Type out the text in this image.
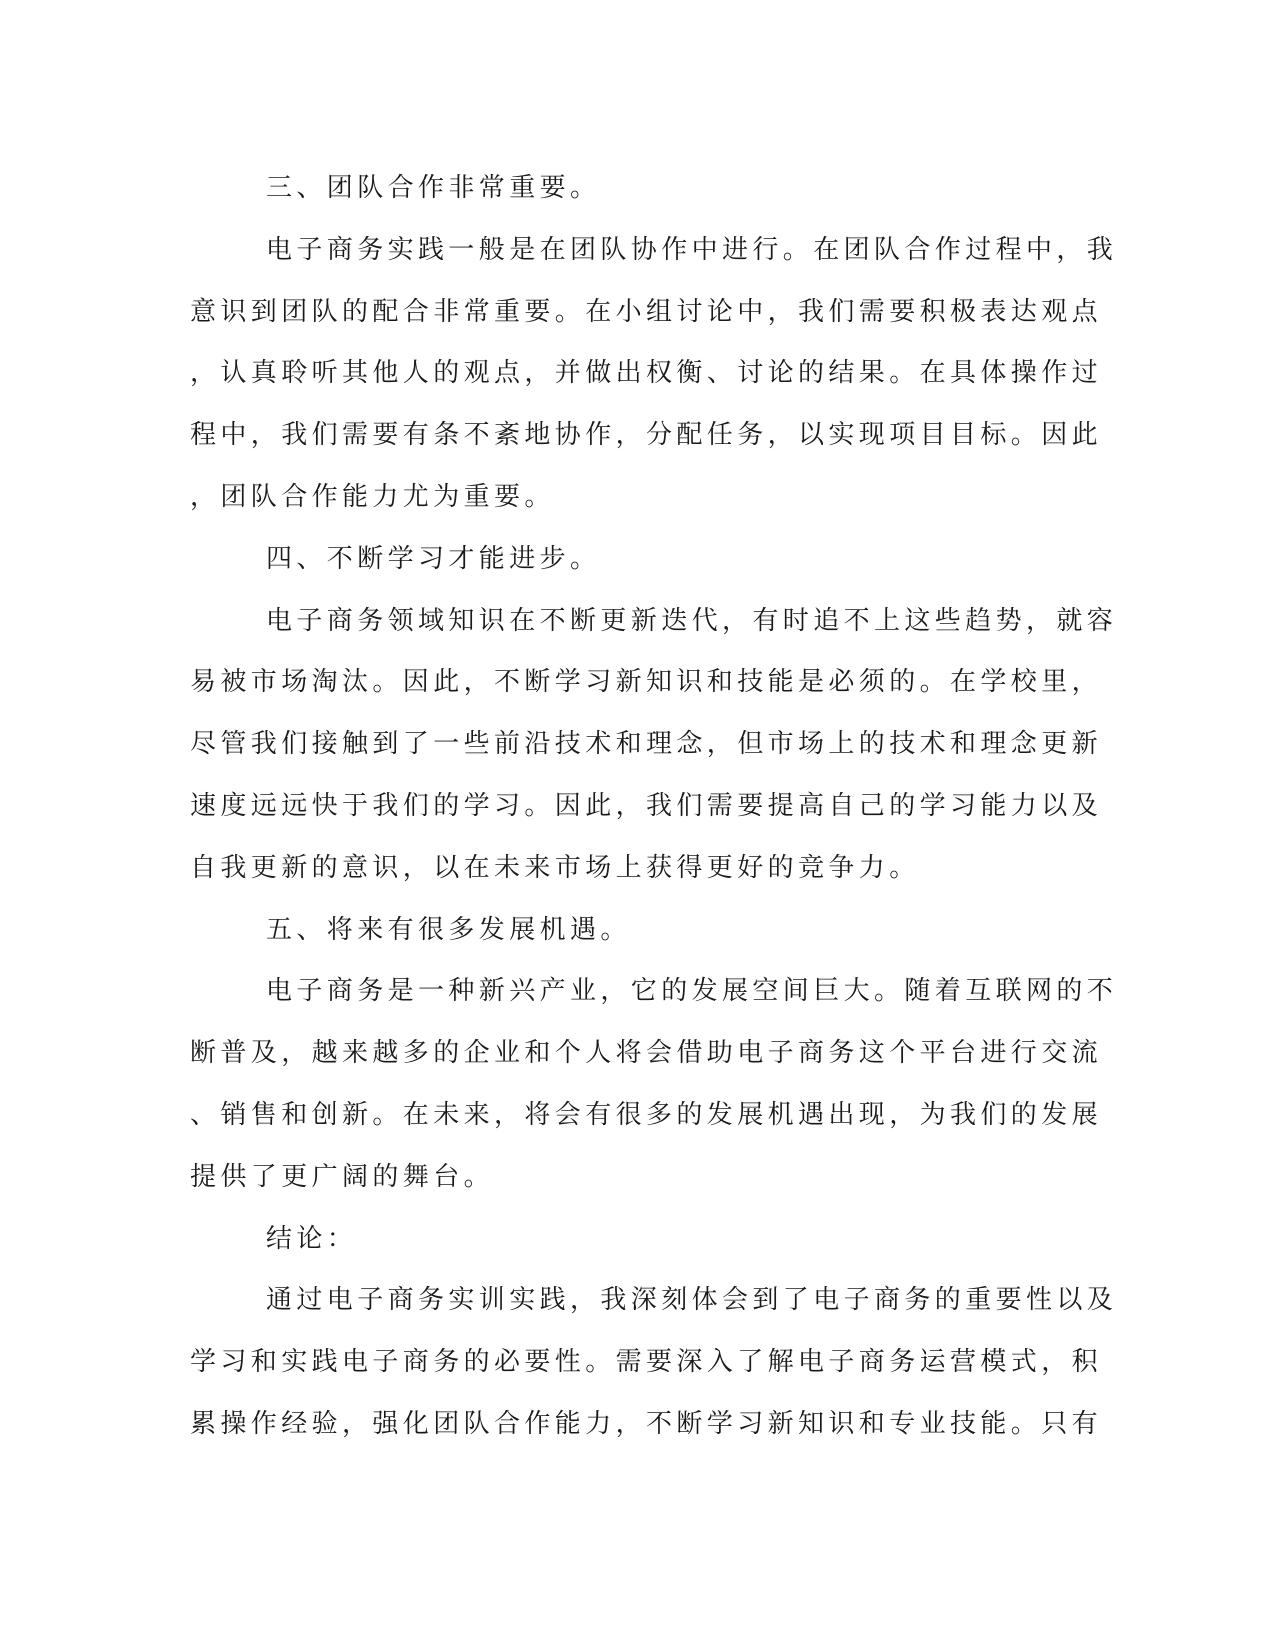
三、团队合作非常重要。
电子商务实践一般是在团队协作中进行。在团队合作过程中，我
意识到团队的配合非常重要。在小组讨论中，我们需要积极表达观点
，认真聆听其他人的观点，并做出权衡、讨论的结果。在具体操作过
程中，我们需要有条不紊地协作，分配任务，以实现项目目标。因此
，团队合作能力尤为重要。
四、不断学习才能进步。
电子商务领域知识在不断更新迭代，有时追不上这些趋势，就容
易被市场淘汰。因此，不断学习新知识和技能是必须的。在学校里，
尽管我们接触到了一些前沿技术和理念，但市场上的技术和理念更新
速度远远快于我们的学习。因此，我们需要提高自己的学习能力以及
自我更新的意识，以在未来市场上获得更好的竞争力。
五、将来有很多发展机遇。
电子商务是一种新兴产业，它的发展空间巨大。随着互联网的不
断普及，越来越多的企业和个人将会借助电子商务这个平台进行交流
、销售和创新。在未来，将会有很多的发展机遇出现，为我们的发展
提供了更广阔的舞台。
结论：
通过电子商务实训实践，我深刻体会到了电子商务的重要性以及
学习和实践电子商务的必要性。需要深入了解电子商务运营模式，积
累操作经验，强化团队合作能力，不断学习新知识和专业技能。只有
